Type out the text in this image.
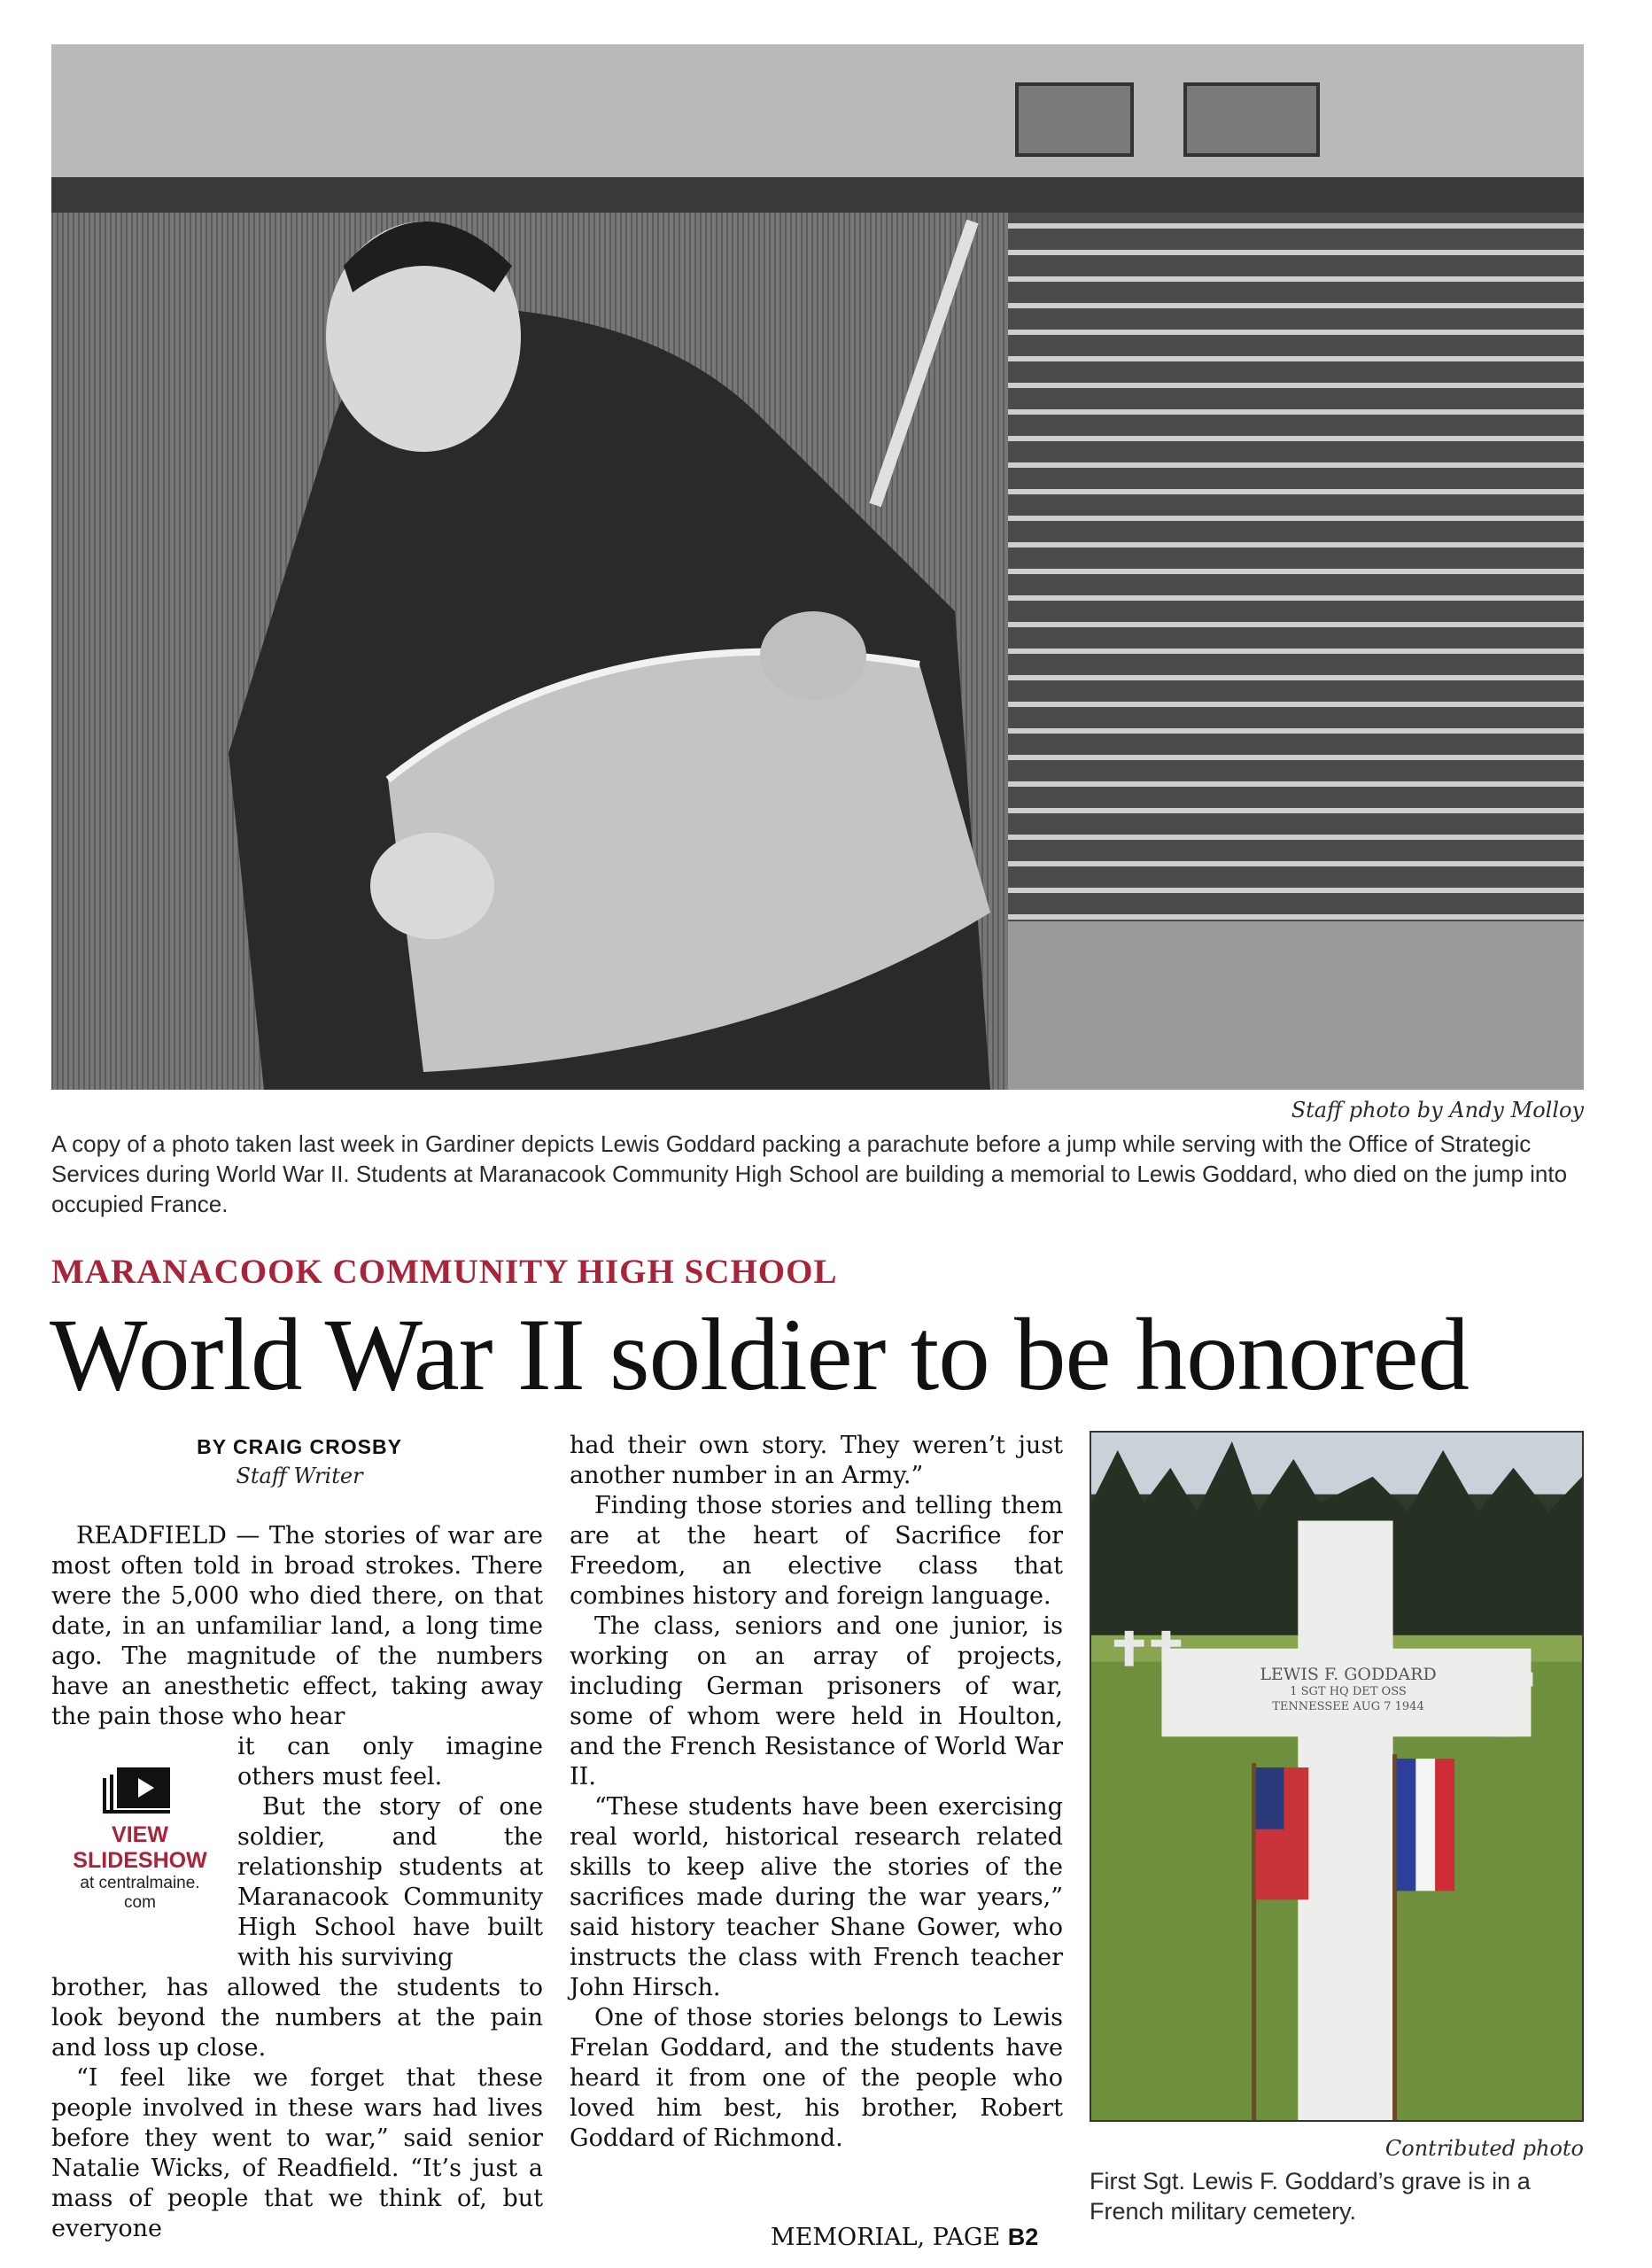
Staff photo by Andy Molloy
A copy of a photo taken last week in Gardiner depicts Lewis Goddard packing a parachute before a jump while serving with the Office of Strategic Services during World War II. Students at Maranacook Community High School are building a memorial to Lewis Goddard, who died on the jump into occupied France.
MARANACOOK COMMUNITY HIGH SCHOOL
World War II soldier to be honored
BY CRAIG CROSBY
Staff Writer

READFIELD — The stories of war are most often told in broad strokes. There were the 5,000 who died there, on that date, in an unfamiliar land, a long time ago. The magnitude of the numbers have an anesthetic effect, taking away the pain those who hear

it can only imagine others must feel.

But the story of one soldier, and the relationship students at Maranacook Community High School have built with his surviving

brother, has allowed the students to look beyond the numbers at the pain and loss up close.

“I feel like we forget that these people involved in these wars had lives before they went to war,” said senior Natalie Wicks, of Readfield. “It’s just a mass of people that we think of, but everyone

VIEW
SLIDESHOW
at centralmaine.
com

had their own story. They weren’t just another number in an Army.”

Finding those stories and telling them are at the heart of Sacrifice for Freedom, an elective class that combines history and foreign language.

The class, seniors and one junior, is working on an array of projects, including German prisoners of war, some of whom were held in Houlton, and the French Resistance of World War II.

“These students have been exercising real world, historical research related skills to keep alive the stories of the sacrifices made during the war years,” said history teacher Shane Gower, who instructs the class with French teacher John Hirsch.

One of those stories belongs to Lewis Frelan Goddard, and the students have heard it from one of the people who loved him best, his brother, Robert Goddard of Richmond.

MEMORIAL, PAGE B2
LEWIS F. GODDARD
1 SGT HQ DET OSS
TENNESSEE AUG 7 1944
Contributed photo
First Sgt. Lewis F. Goddard’s grave is in a French military cemetery.
